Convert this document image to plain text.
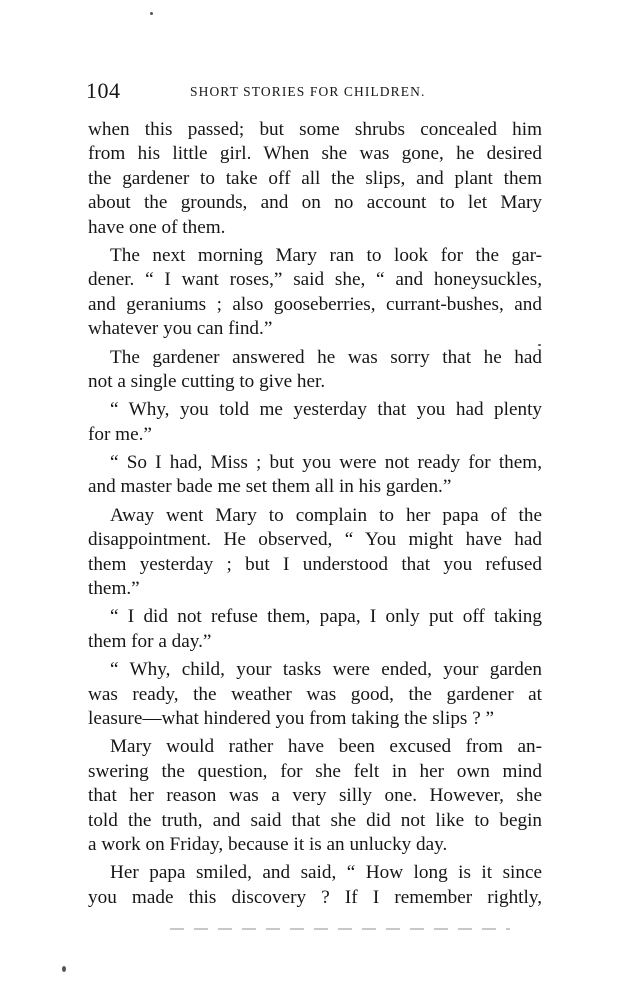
104	SHORT STORIES FOR CHILDREN.
when this passed; but some shrubs concealed him
from his little girl. When she was gone, he desired
the gardener to take off all the slips, and plant them
about the grounds, and on no account to let Mary
have one of them.
The next morning Mary ran to look for the gar-
dener. “ I want roses,” said she, “ and honeysuckles,
and geraniums ; also gooseberries, currant-bushes, and
whatever you can find.”
The gardener answered he was sorry that he had
not a single cutting to give her.
“ Why, you told me yesterday that you had plenty
for me.”
“ So I had, Miss ; but you were not ready for them,
and master bade me set them all in his garden.”
Away went Mary to complain to her papa of the
disappointment. He observed, “ You might have had
them yesterday ; but I understood that you refused
them.”
“ I did not refuse them, papa, I only put off taking
them for a day.”
“ Why, child, your tasks were ended, your garden
was ready, the weather was good, the gardener at
leasure—what hindered you from taking the slips ? ”
Mary would rather have been excused from an-
swering the question, for she felt in her own mind
that her reason was a very silly one. However, she
told the truth, and said that she did not like to begin
a work on Friday, because it is an unlucky day.
Her papa smiled, and said, “ How long is it since
you made this discovery ? If I remember rightly,
